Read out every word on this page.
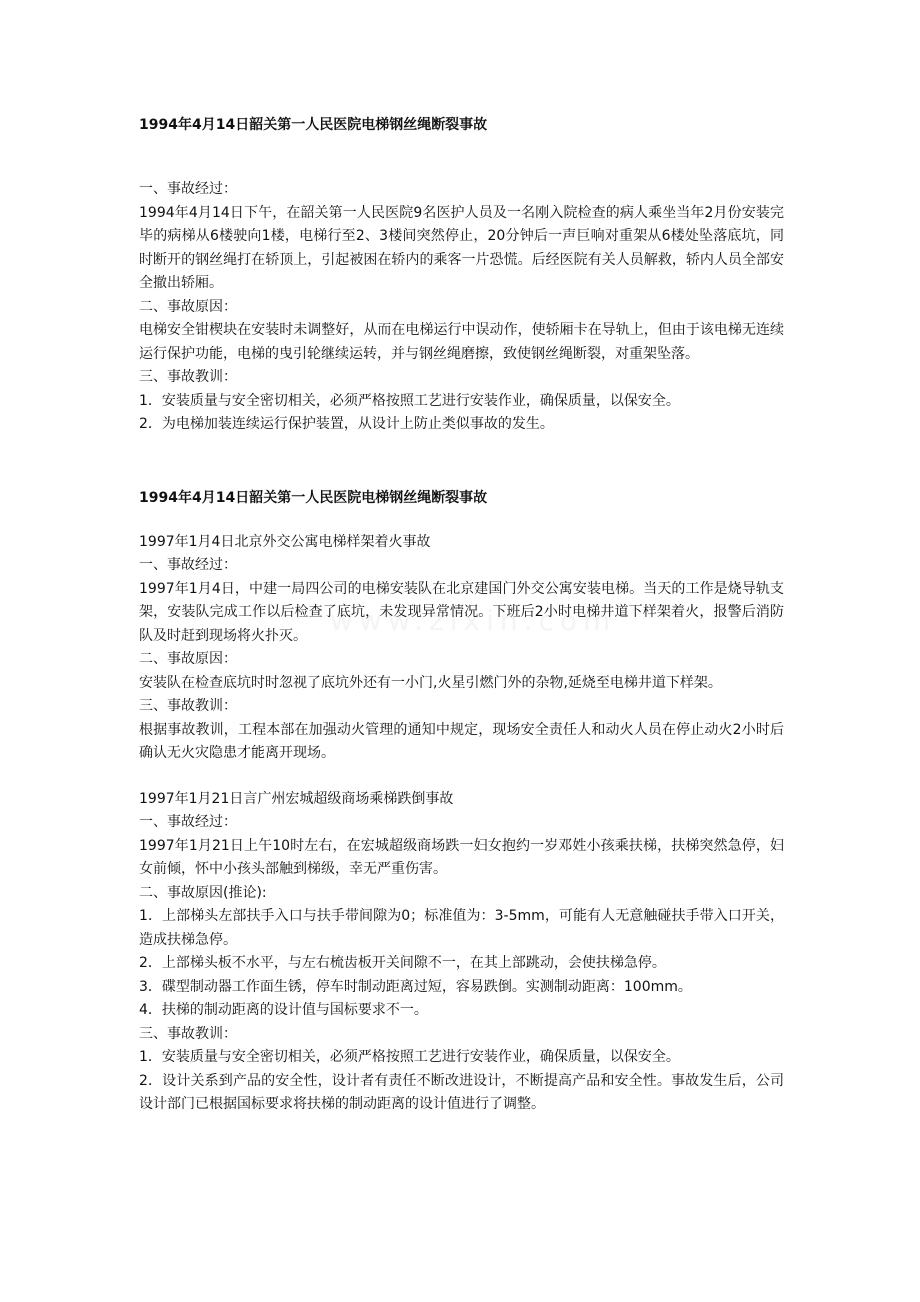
1994年4月14日韶关第一人民医院电梯钢丝绳断裂事故

一、事故经过：

1994年4月14日下午，在韶关第一人民医院9名医护人员及一名刚入院检查的病人乘坐当年2月份安装完毕的病梯从6楼驶向1楼，电梯行至2、3楼间突然停止，20分钟后一声巨响对重架从6楼处坠落底坑，同时断开的钢丝绳打在轿顶上，引起被困在轿内的乘客一片恐慌。后经医院有关人员解救，轿内人员全部安全撤出轿厢。

二、事故原因：

电梯安全钳楔块在安装时未调整好，从而在电梯运行中误动作，使轿厢卡在导轨上，但由于该电梯无连续运行保护功能，电梯的曳引轮继续运转，并与钢丝绳磨擦，致使钢丝绳断裂，对重架坠落。

三、事故教训：

1．安装质量与安全密切相关，必须严格按照工艺进行安装作业，确保质量，以保安全。

2．为电梯加装连续运行保护装置，从设计上防止类似事故的发生。

1994年4月14日韶关第一人民医院电梯钢丝绳断裂事故

1997年1月4日北京外交公寓电梯样架着火事故

一、事故经过：

1997年1月4日，中建一局四公司的电梯安装队在北京建国门外交公寓安装电梯。当天的工作是烧导轨支架，安装队完成工作以后检查了底坑，未发现异常情况。下班后2小时电梯井道下样架着火，报警后消防队及时赶到现场将火扑灭。

二、事故原因：

安装队在检查底坑时时忽视了底坑外还有一小门,火星引燃门外的杂物,延烧至电梯井道下样架。

三、事故教训：

根据事故教训，工程本部在加强动火管理的通知中规定，现场安全责任人和动火人员在停止动火2小时后确认无火灾隐患才能离开现场。

1997年1月21日言广州宏城超级商场乘梯跌倒事故

一、事故经过：

1997年1月21日上午10时左右，在宏城超级商场跌一妇女抱约一岁邓姓小孩乘扶梯，扶梯突然急停，妇女前倾，怀中小孩头部触到梯级，幸无严重伤害。

二、事故原因(推论):

1．上部梯头左部扶手入口与扶手带间隙为0；标准值为：3-5mm，可能有人无意触碰扶手带入口开关，造成扶梯急停。

2．上部梯头板不水平，与左右梳齿板开关间隙不一，在其上部跳动，会使扶梯急停。

3．碟型制动器工作面生锈，停车时制动距离过短，容易跌倒。实测制动距离：100mm。

4．扶梯的制动距离的设计值与国标要求不一。

三、事故教训：

1．安装质量与安全密切相关，必须严格按照工艺进行安装作业，确保质量，以保安全。

2．设计关系到产品的安全性，设计者有责任不断改进设计，不断提高产品和安全性。事故发生后，公司设计部门已根据国标要求将扶梯的制动距离的设计值进行了调整。
